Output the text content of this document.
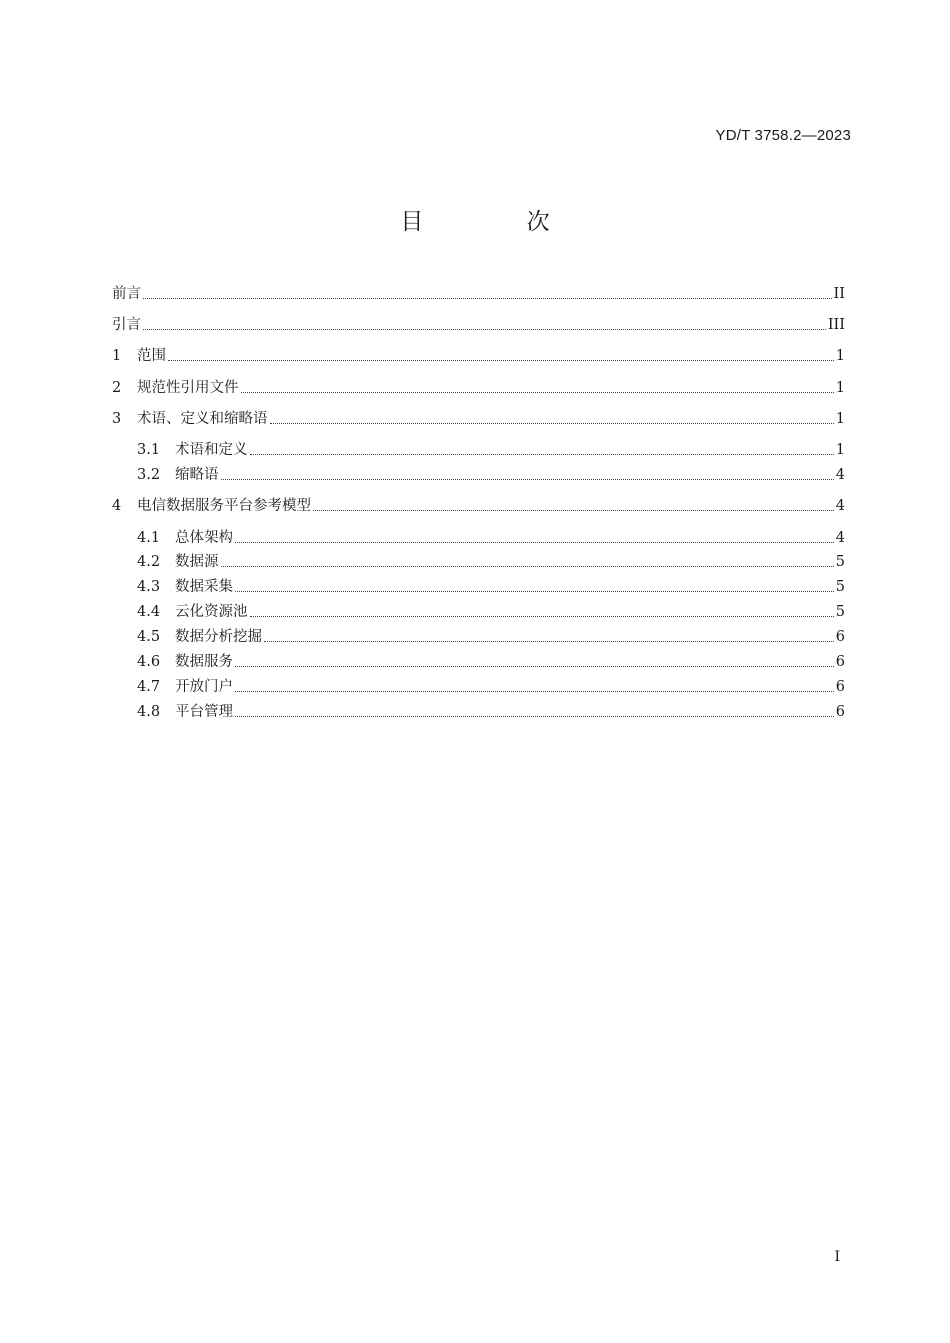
YD/T 3758.2—2023
目 次
前言	II
引言	III
1	范围	1
2	规范性引用文件	1
3	术语、定义和缩略语	1
3.1	术语和定义	1
3.2	缩略语	4
4	电信数据服务平台参考模型	4
4.1	总体架构	4
4.2	数据源	5
4.3	数据采集	5
4.4	云化资源池	5
4.5	数据分析挖掘	6
4.6	数据服务	6
4.7	开放门户	6
4.8	平台管理	6
I
